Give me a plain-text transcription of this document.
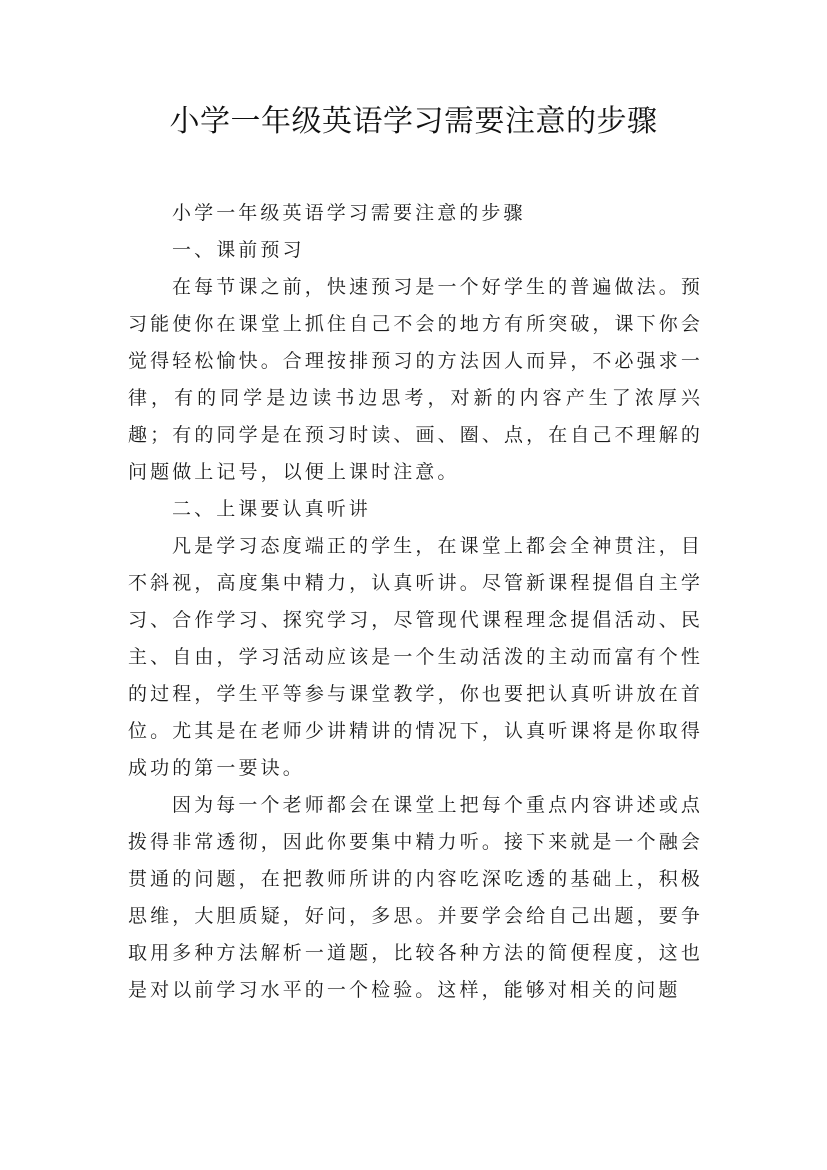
小学一年级英语学习需要注意的步骤

小学一年级英语学习需要注意的步骤

一、课前预习

在每节课之前，快速预习是一个好学生的普遍做法。预习能使你在课堂上抓住自己不会的地方有所突破，课下你会觉得轻松愉快。合理按排预习的方法因人而异，不必强求一律，有的同学是边读书边思考，对新的内容产生了浓厚兴趣；有的同学是在预习时读、画、圈、点，在自己不理解的问题做上记号，以便上课时注意。

二、上课要认真听讲

凡是学习态度端正的学生，在课堂上都会全神贯注，目不斜视，高度集中精力，认真听讲。尽管新课程提倡自主学习、合作学习、探究学习，尽管现代课程理念提倡活动、民主、自由，学习活动应该是一个生动活泼的主动而富有个性的过程，学生平等参与课堂教学，你也要把认真听讲放在首位。尤其是在老师少讲精讲的情况下，认真听课将是你取得成功的第一要诀。

因为每一个老师都会在课堂上把每个重点内容讲述或点拨得非常透彻，因此你要集中精力听。接下来就是一个融会贯通的问题，在把教师所讲的内容吃深吃透的基础上，积极思维，大胆质疑，好问，多思。并要学会给自己出题，要争取用多种方法解析一道题，比较各种方法的简便程度，这也是对以前学习水平的一个检验。这样，能够对相关的问题
